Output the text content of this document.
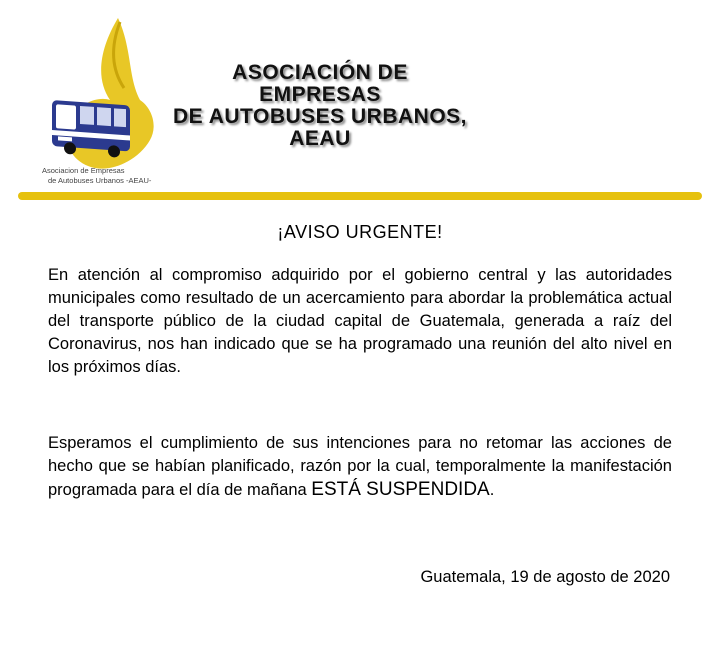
Asociacion de Empresas
de Autobuses Urbanos -AEAU-
ASOCIACIÓN DE EMPRESAS
DE AUTOBUSES URBANOS,
AEAU
¡AVISO URGENTE!
En atención al compromiso adquirido por el gobierno central y las autoridades municipales como resultado de un acercamiento para abordar la problemática actual del transporte público de la ciudad capital de Guatemala, generada a raíz del Coronavirus, nos han indicado que se ha programado una reunión del alto nivel en los próximos días.
Esperamos el cumplimiento de sus intenciones para no retomar las acciones de hecho que se habían planificado, razón por la cual, temporalmente la manifestación programada para el día de mañana ESTÁ SUSPENDIDA.
Guatemala, 19 de agosto de 2020
